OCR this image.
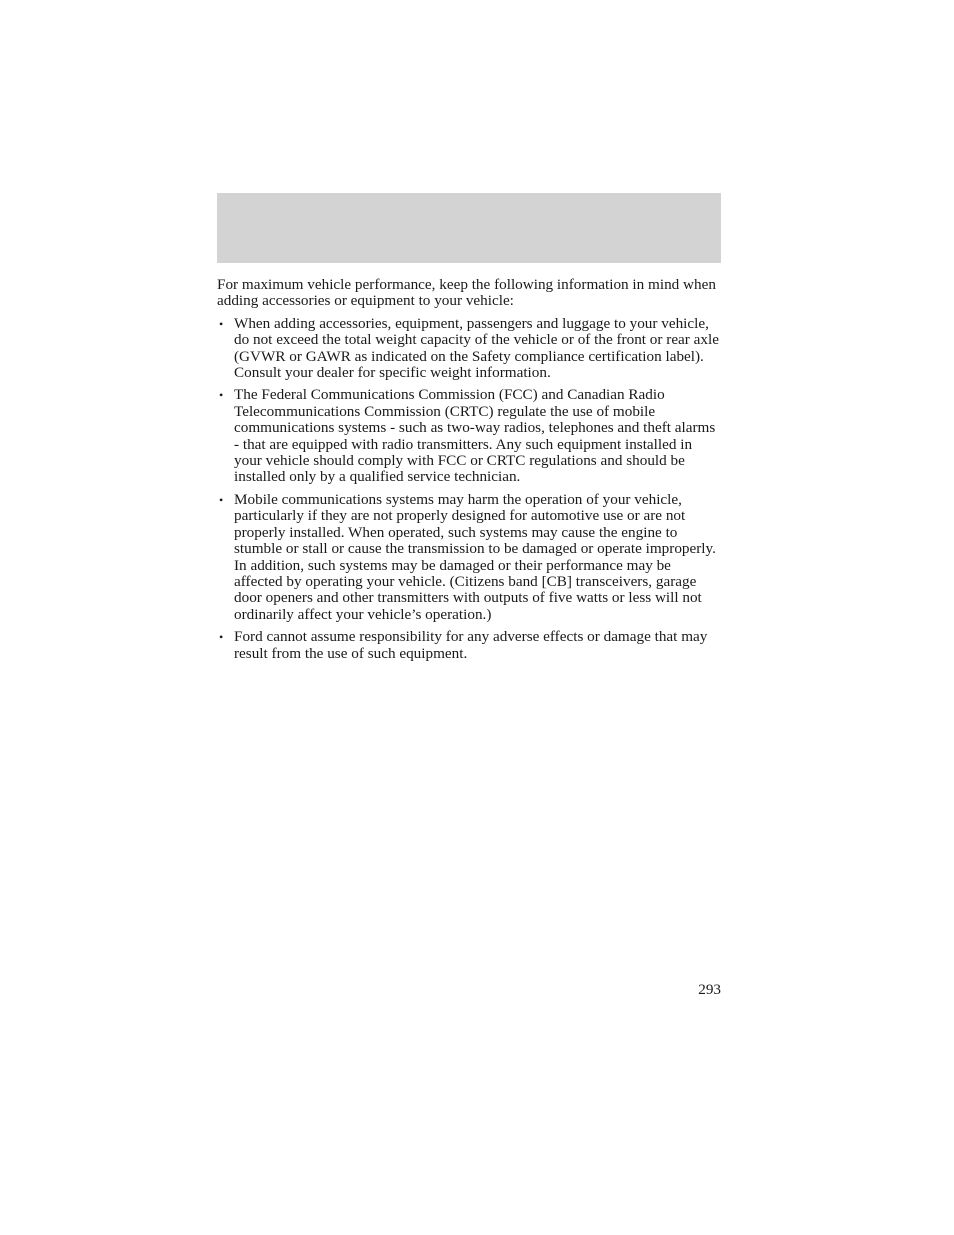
For maximum vehicle performance, keep the following information in mind when adding accessories or equipment to your vehicle:

• When adding accessories, equipment, passengers and luggage to your vehicle, do not exceed the total weight capacity of the vehicle or of the front or rear axle (GVWR or GAWR as indicated on the Safety compliance certification label). Consult your dealer for specific weight information.
• The Federal Communications Commission (FCC) and Canadian Radio Telecommunications Commission (CRTC) regulate the use of mobile communications systems - such as two-way radios, telephones and theft alarms - that are equipped with radio transmitters. Any such equipment installed in your vehicle should comply with FCC or CRTC regulations and should be installed only by a qualified service technician.
• Mobile communications systems may harm the operation of your vehicle, particularly if they are not properly designed for automotive use or are not properly installed. When operated, such systems may cause the engine to stumble or stall or cause the transmission to be damaged or operate improperly. In addition, such systems may be damaged or their performance may be affected by operating your vehicle. (Citizens band [CB] transceivers, garage door openers and other transmitters with outputs of five watts or less will not ordinarily affect your vehicle’s operation.)
• Ford cannot assume responsibility for any adverse effects or damage that may result from the use of such equipment.
293
